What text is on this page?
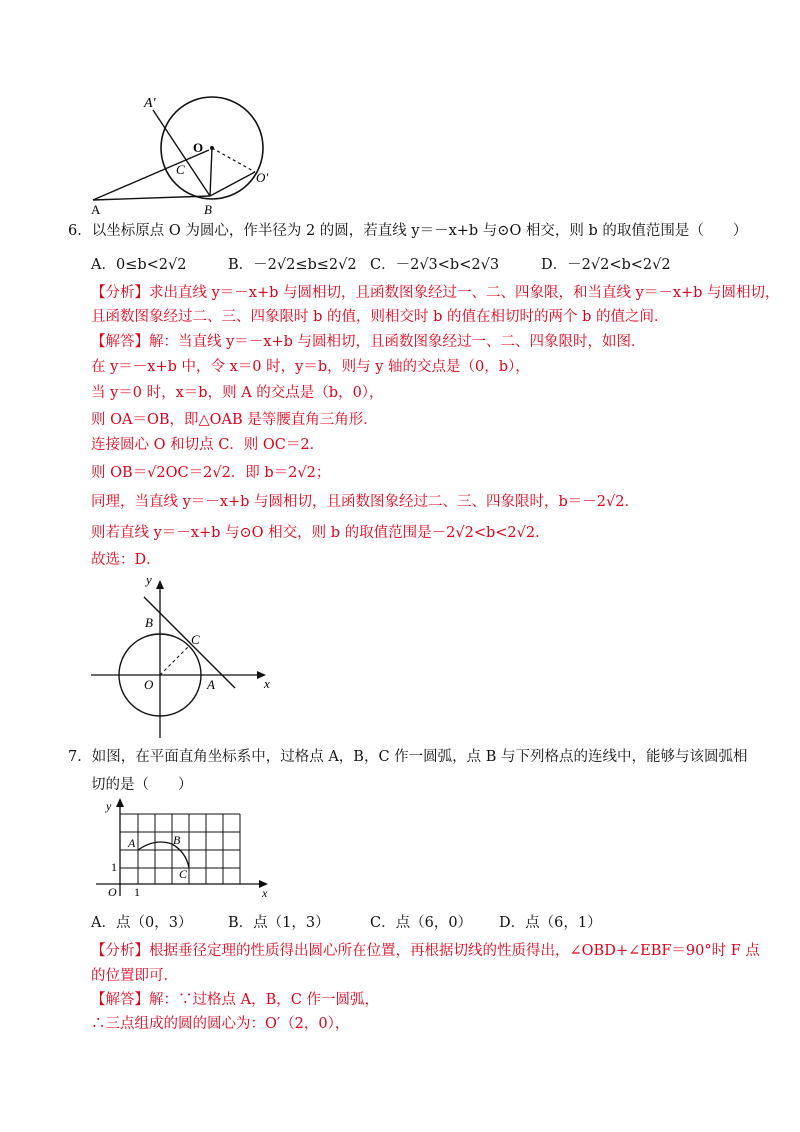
A′
O
C
A	B
O′
6．以坐标原点 O 为圆心，作半径为 2 的圆，若直线 y＝－x+b 与⊙O 相交，则 b 的取值范围是（　　）
A．0≤b<2√2	B．－2√2≤b≤2√2 C．－2√3<b<2√3	D．－2√2<b<2√2
【分析】求出直线 y＝－x+b 与圆相切，且函数图象经过一、二、四象限，和当直线 y＝－x+b 与圆相切，
且函数图象经过二、三、四象限时 b 的值，则相交时 b 的值在相切时的两个 b 的值之间．
【解答】解：当直线 y＝－x+b 与圆相切，且函数图象经过一、二、四象限时，如图．
在 y＝－x+b 中，令 x＝0 时，y＝b，则与 y 轴的交点是（0，b），
当 y＝0 时，x＝b，则 A 的交点是（b，0），
则 OA＝OB，即△OAB 是等腰直角三角形．
连接圆心 O 和切点 C．则 OC＝2．
则 OB＝√2OC＝2√2．即 b＝2√2；
同理，当直线 y＝－x+b 与圆相切，且函数图象经过二、三、四象限时，b＝－2√2．
则若直线 y＝－x+b 与⊙O 相交，则 b 的取值范围是－2√2<b<2√2．
故选：D．
y
B
C
O	A	x
7．如图，在平面直角坐标系中，过格点 A，B，C 作一圆弧，点 B 与下列格点的连线中，能够与该圆弧相
切的是（　　）
y
A	B
C
1
O 1	x
A．点（0，3） B．点（1，3）	C．点（6，0） D．点（6，1）
【分析】根据垂径定理的性质得出圆心所在位置，再根据切线的性质得出，∠OBD+∠EBF＝90°时 F 点
的位置即可．
【解答】解：∵过格点 A，B，C 作一圆弧，
∴三点组成的圆的圆心为：O′（2，0），
